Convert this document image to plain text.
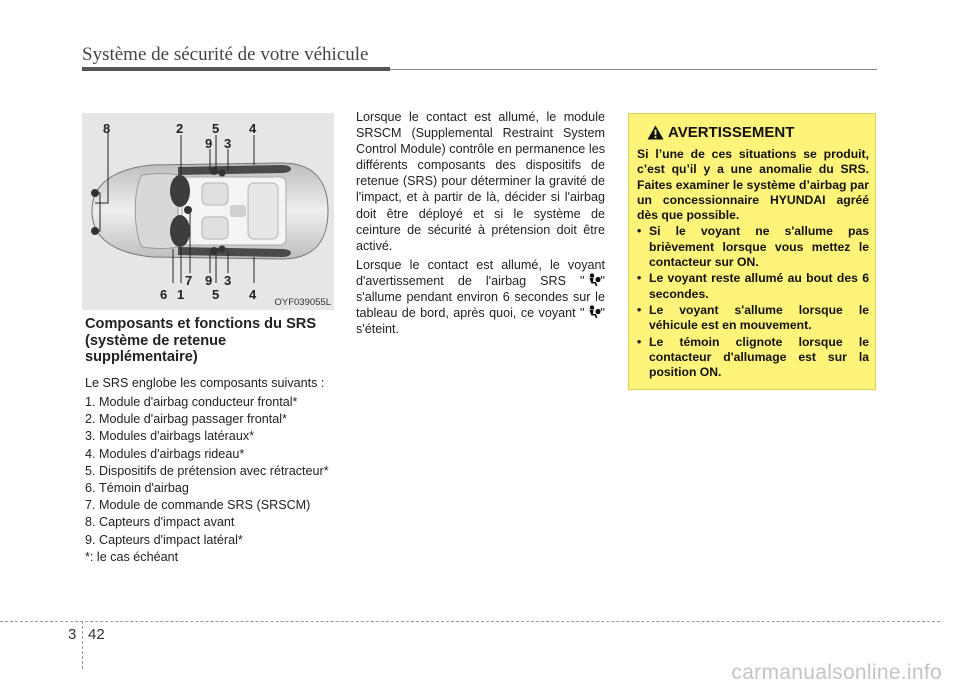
Système de sécurité de votre véhicule
8	2 5 4
9 3
6 1
7 9
5
3
4
OYF039055L
Composants et fonctions du SRS (système de retenue supplémentaire)

Le SRS englobe les composants suivants :

1. Module d'airbag conducteur frontal*
2. Module d'airbag passager frontal*
3. Modules d'airbags latéraux*
4. Modules d'airbags rideau*
5. Dispositifs de prétension avec rétracteur*
6. Témoin d'airbag
7. Module de commande SRS (SRSCM)
8. Capteurs d'impact avant
9. Capteurs d'impact latéral*
*: le cas échéant

Lorsque le contact est allumé, le module SRSCM (Supplemental Restraint System Control Module) contrôle en permanence les différents composants des dispositifs de retenue (SRS) pour déterminer la gravité de l'impact, et à partir de là, décider si l'airbag doit être déployé et si le système de ceinture de sécurité à prétension doit être activé.

Lorsque le contact est allumé, le voyant d'avertissement de l'airbag SRS " " s'allume pendant environ 6 secondes sur le tableau de bord, après quoi, ce voyant " " s'éteint.

AVERTISSEMENT

Si l’une de ces situations se produit, c’est qu’il y a une anomalie du SRS. Faites examiner le système d’airbag par un concessionnaire HYUNDAI agréé dès que possible.

• Si le voyant ne s'allume pas brièvement lorsque vous mettez le contacteur sur ON.
• Le voyant reste allumé au bout des 6 secondes.
• Le voyant s'allume lorsque le véhicule est en mouvement.
• Le témoin clignote lorsque le contacteur d'allumage est sur la position ON.
3 42
carmanualsonline.info
